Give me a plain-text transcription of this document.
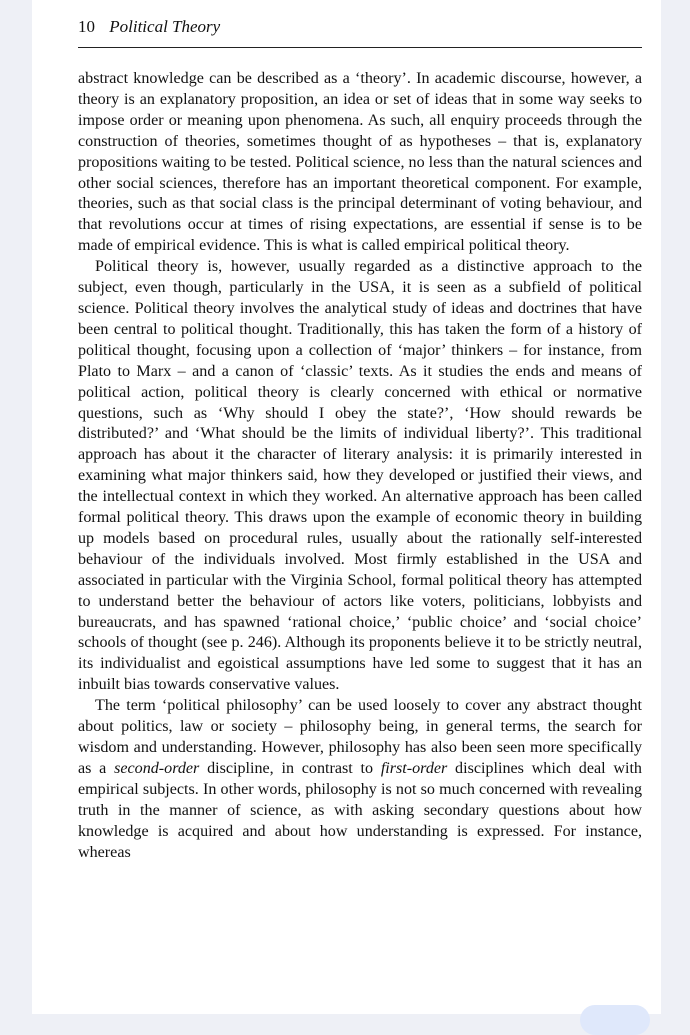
10 Political Theory

abstract knowledge can be described as a ‘theory’. In academic discourse, however, a theory is an explanatory proposition, an idea or set of ideas that in some way seeks to impose order or meaning upon phenomena. As such, all enquiry proceeds through the construction of theories, sometimes thought of as hypotheses – that is, explanatory propositions waiting to be tested. Political science, no less than the natural sciences and other social sciences, therefore has an important theoretical component. For example, theories, such as that social class is the principal determinant of voting behaviour, and that revolutions occur at times of rising expectations, are essential if sense is to be made of empirical evidence. This is what is called empirical political theory.

Political theory is, however, usually regarded as a distinctive approach to the subject, even though, particularly in the USA, it is seen as a subfield of political science. Political theory involves the analytical study of ideas and doctrines that have been central to political thought. Traditionally, this has taken the form of a history of political thought, focusing upon a collection of ‘major’ thinkers – for instance, from Plato to Marx – and a canon of ‘classic’ texts. As it studies the ends and means of political action, political theory is clearly concerned with ethical or normative questions, such as ‘Why should I obey the state?’, ‘How should rewards be distributed?’ and ‘What should be the limits of individual liberty?’. This traditional approach has about it the character of literary analysis: it is primarily interested in examining what major thinkers said, how they developed or justified their views, and the intellectual context in which they worked. An alternative approach has been called formal political theory. This draws upon the example of economic theory in building up models based on procedural rules, usually about the rationally self-interested behaviour of the individuals involved. Most firmly established in the USA and associated in particular with the Virginia School, formal political theory has attempted to understand better the behaviour of actors like voters, politicians, lobbyists and bureaucrats, and has spawned ‘rational choice,’ ‘public choice’ and ‘social choice’ schools of thought (see p. 246). Although its proponents believe it to be strictly neutral, its individualist and egoistical assumptions have led some to suggest that it has an inbuilt bias towards conservative values.

The term ‘political philosophy’ can be used loosely to cover any abstract thought about politics, law or society – philosophy being, in general terms, the search for wisdom and understanding. However, philosophy has also been seen more specifically as a second-order discipline, in contrast to first-order disciplines which deal with empirical subjects. In other words, philosophy is not so much concerned with revealing truth in the manner of science, as with asking secondary questions about how knowledge is acquired and about how understanding is expressed. For instance, whereas
